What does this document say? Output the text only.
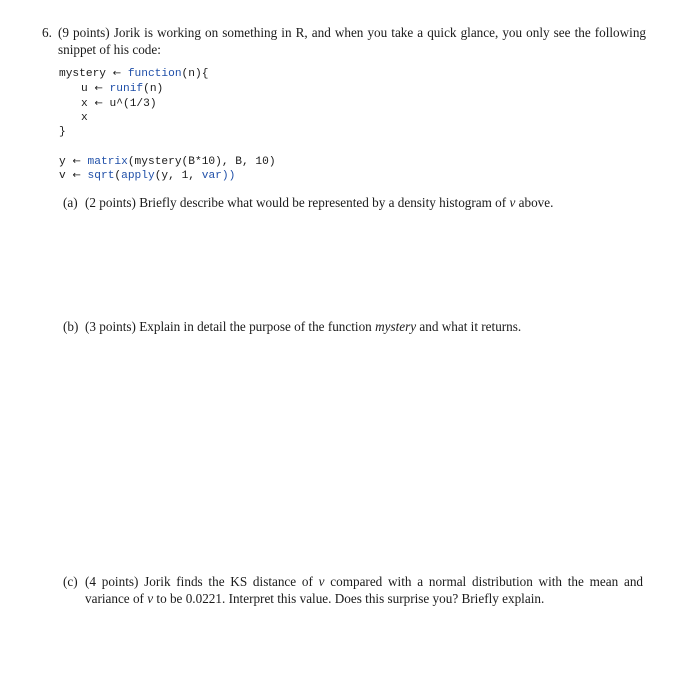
6. (9 points) Jorik is working on something in R, and when you take a quick glance, you only see the following snippet of his code:
mystery ← function(n){
u ← runif(n)
x ← u^(1/3)
x
}
y ← matrix(mystery(B*10), B, 10)
v ← sqrt(apply(y, 1, var))
(a) (2 points) Briefly describe what would be represented by a density histogram of v above.
(b) (3 points) Explain in detail the purpose of the function mystery and what it returns.
(c) (4 points) Jorik finds the KS distance of v compared with a normal distribution with the mean and variance of v to be 0.0221. Interpret this value. Does this surprise you? Briefly explain.
